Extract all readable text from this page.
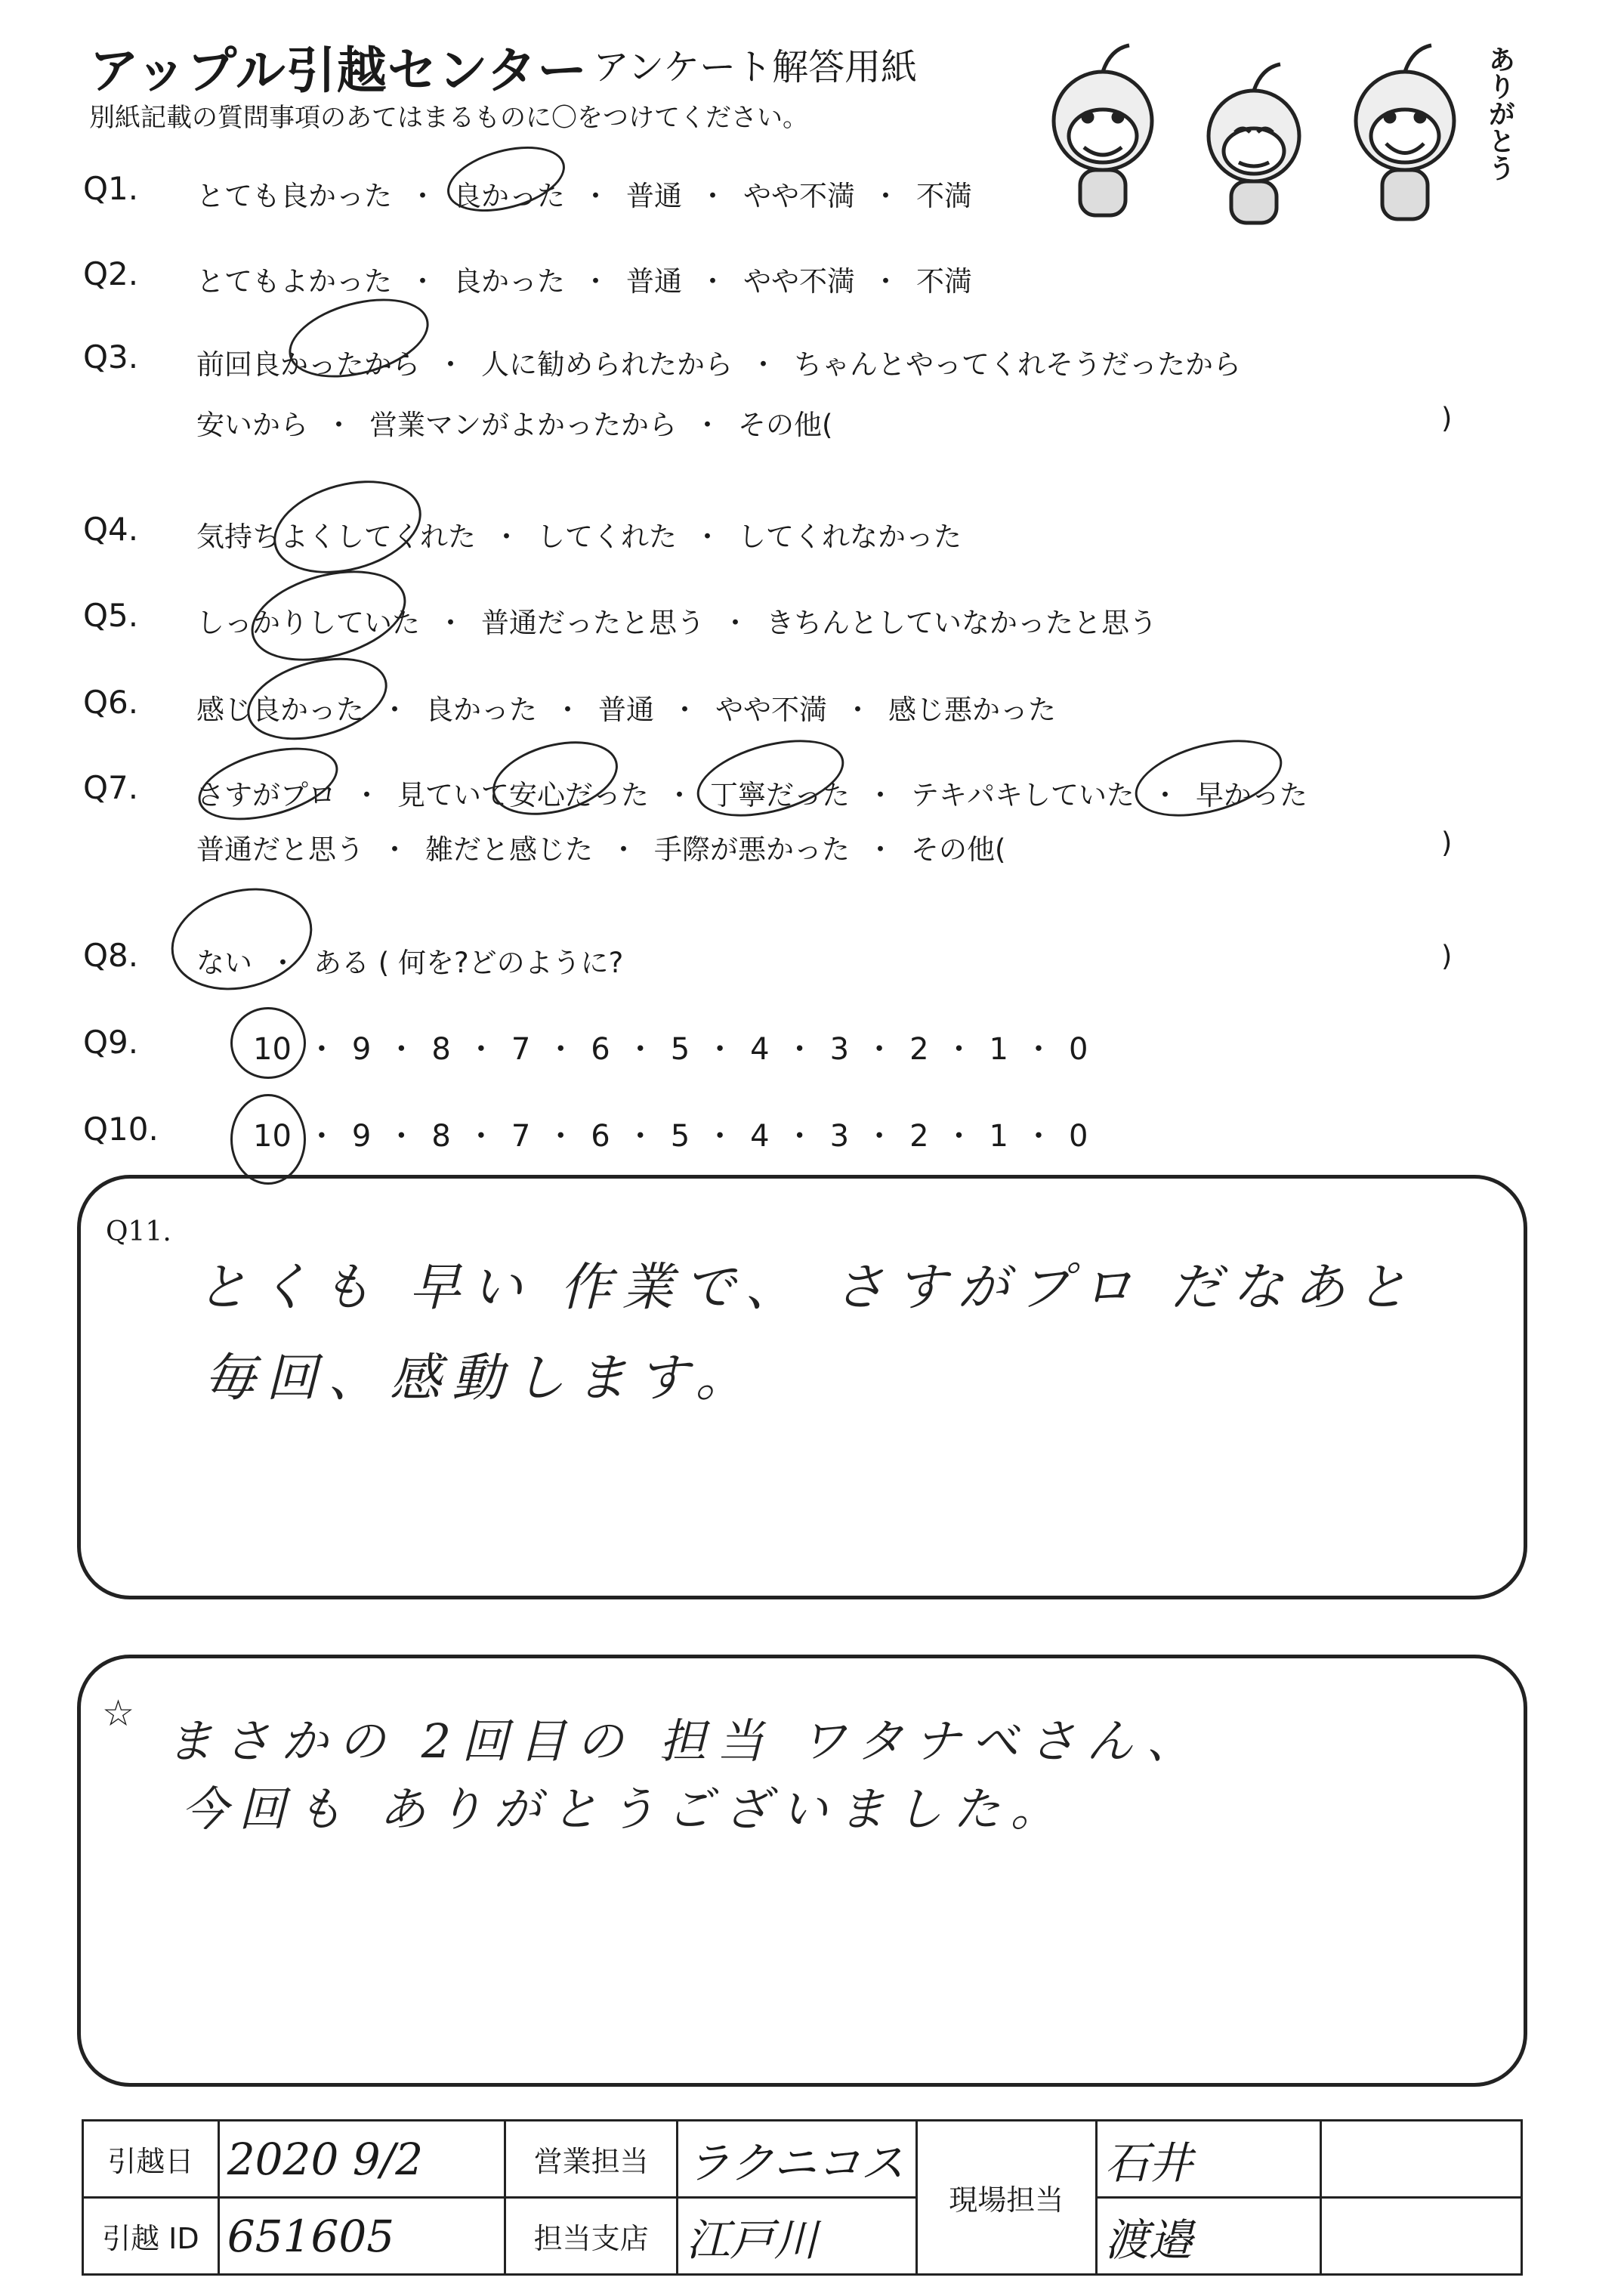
アップル引越センター アンケート解答用紙
別紙記載の質問事項のあてはまるものに〇をつけてください。	ありがとう
Q1. とても良かった ・ 良かった ・ 普通 ・ やや不満 ・ 不満
Q2. とてもよかった ・ 良かった ・ 普通 ・ やや不満 ・ 不満
Q3. 前回良かったから ・ 人に勧められたから ・ ちゃんとやってくれそうだったから
安いから ・ 営業マンがよかったから ・ その他(	)
Q4. 気持ちよくしてくれた ・ してくれた ・ してくれなかった
Q5. しっかりしていた ・ 普通だったと思う ・ きちんとしていなかったと思う
Q6. 感じ良かった ・ 良かった ・ 普通 ・ やや不満 ・ 感じ悪かった
Q7. さすがプロ ・ 見ていて安心だった ・ 丁寧だった ・ テキパキしていた ・ 早かった
普通だと思う ・ 雑だと感じた ・ 手際が悪かった ・ その他(	)
Q8. ない ・ ある ( 何を?どのように?	)
Q9.	10 ・ 9 ・ 8 ・ 7 ・ 6 ・ 5 ・ 4 ・ 3 ・ 2 ・ 1 ・ 0
Q10.	10 ・ 9 ・ 8 ・ 7 ・ 6 ・ 5 ・ 4 ・ 3 ・ 2 ・ 1 ・ 0
Q11.
とくも 早い 作業で、 さすがプロ だなあと
毎回、感動します。
☆ まさかの 2回目の 担当 ワタナベさん、
今回も ありがとうございました。
引越日	2020 9/2	営業担当	ラクニコス	現場担当	石井	
引越 ID	651605	担当支店	江戸川		渡邉	
